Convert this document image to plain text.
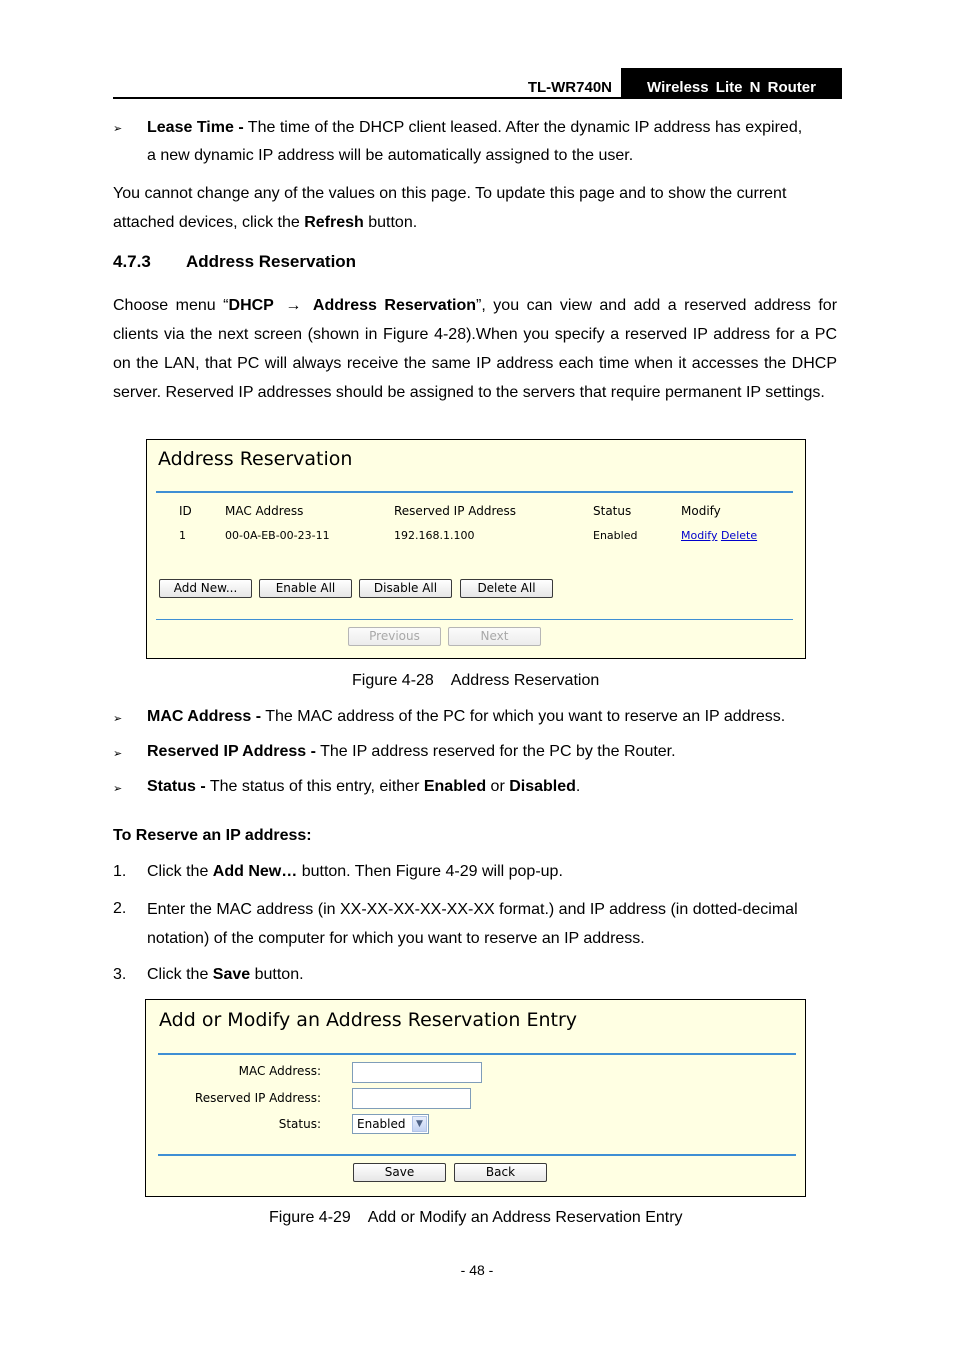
TL-WR740N	Wireless Lite N Router
➢ Lease Time - The time of the DHCP client leased. After the dynamic IP address has expired,
a new dynamic IP address will be automatically assigned to the user.
You cannot change any of the values on this page. To update this page and to show the current attached devices, click the Refresh button.
4.7.3 Address Reservation
Choose menu “DHCP → Address Reservation”, you can view and add a reserved address for clients via the next screen (shown in Figure 4-28).When you specify a reserved IP address for a PC on the LAN, that PC will always receive the same IP address each time when it accesses the DHCP server. Reserved IP addresses should be assigned to the servers that require permanent IP settings.
Address Reservation
ID	MAC Address	Reserved IP Address	Status	Modify
1	00-0A-EB-00-23-11	192.168.1.100	Enabled	Modify Delete
Add New...	Enable All	Disable All	Delete All
Previous	Next
Figure 4-28    Address Reservation
➢ MAC Address - The MAC address of the PC for which you want to reserve an IP address.
➢ Reserved IP Address - The IP address reserved for the PC by the Router.
➢ Status - The status of this entry, either Enabled or Disabled.
To Reserve an IP address:
1. Click the Add New… button. Then Figure 4-29 will pop-up.
2. Enter the MAC address (in XX-XX-XX-XX-XX-XX format.) and IP address (in dotted-decimal
notation) of the computer for which you want to reserve an IP address.
3. Click the Save button.
Add or Modify an Address Reservation Entry
MAC Address:
Reserved IP Address:
Status:	Enabled	▼
Save	Back
Figure 4-29    Add or Modify an Address Reservation Entry
- 48 -
